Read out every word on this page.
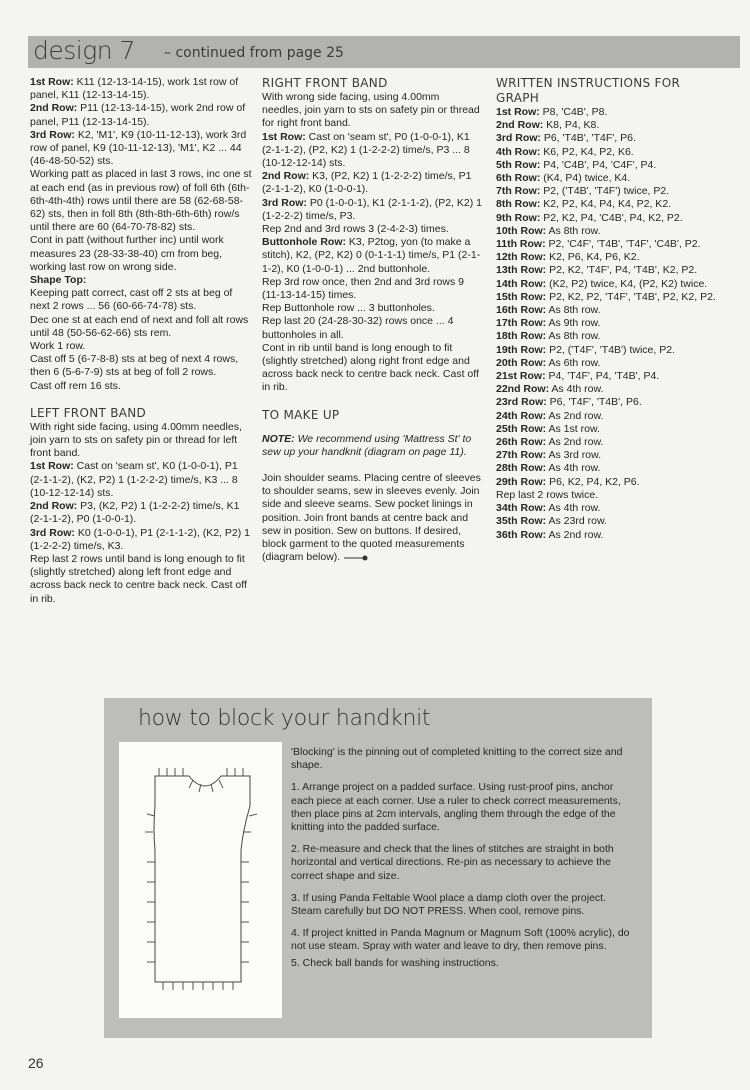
design 7 – continued from page 25

1st Row: K11 (12-13-14-15), work 1st row of panel, K11 (12-13-14-15).

2nd Row: P11 (12-13-14-15), work 2nd row of panel, P11 (12-13-14-15).

3rd Row: K2, 'M1', K9 (10-11-12-13), work 3rd row of panel, K9 (10-11-12-13), 'M1', K2 ... 44 (46-48-50-52) sts.

Working patt as placed in last 3 rows, inc one st at each end (as in previous row) of foll 6th (6th-6th-4th-4th) rows until there are 58 (62-68-58-62) sts, then in foll 8th (8th-8th-6th-6th) row/s until there are 60 (64-70-78-82) sts.

Cont in patt (without further inc) until work measures 23 (28-33-38-40) cm from beg, working last row on wrong side.

Shape Top:

Keeping patt correct, cast off 2 sts at beg of next 2 rows ... 56 (60-66-74-78) sts.

Dec one st at each end of next and foll alt rows until 48 (50-56-62-66) sts rem.

Work 1 row.

Cast off 5 (6-7-8-8) sts at beg of next 4 rows, then 6 (5-6-7-9) sts at beg of foll 2 rows.

Cast off rem 16 sts.

LEFT FRONT BAND

With right side facing, using 4.00mm needles, join yarn to sts on safety pin or thread for left front band.

1st Row: Cast on 'seam st', K0 (1-0-0-1), P1 (2-1-1-2), (K2, P2) 1 (1-2-2-2) time/s, K3 ... 8 (10-12-12-14) sts.

2nd Row: P3, (K2, P2) 1 (1-2-2-2) time/s, K1 (2-1-1-2), P0 (1-0-0-1).

3rd Row: K0 (1-0-0-1), P1 (2-1-1-2), (K2, P2) 1 (1-2-2-2) time/s, K3.

Rep last 2 rows until band is long enough to fit (slightly stretched) along left front edge and across back neck to centre back neck. Cast off in rib.

RIGHT FRONT BAND

With wrong side facing, using 4.00mm needles, join yarn to sts on safety pin or thread for right front band.

1st Row: Cast on 'seam st', P0 (1-0-0-1), K1 (2-1-1-2), (P2, K2) 1 (1-2-2-2) time/s, P3 ... 8 (10-12-12-14) sts.

2nd Row: K3, (P2, K2) 1 (1-2-2-2) time/s, P1 (2-1-1-2), K0 (1-0-0-1).

3rd Row: P0 (1-0-0-1), K1 (2-1-1-2), (P2, K2) 1 (1-2-2-2) time/s, P3.

Rep 2nd and 3rd rows 3 (2-4-2-3) times.

Buttonhole Row: K3, P2tog, yon (to make a stitch), K2, (P2, K2) 0 (0-1-1-1) time/s, P1 (2-1-1-2), K0 (1-0-0-1) ... 2nd buttonhole.

Rep 3rd row once, then 2nd and 3rd rows 9 (11-13-14-15) times.

Rep Buttonhole row ... 3 buttonholes.

Rep last 20 (24-28-30-32) rows once ... 4 buttonholes in all.

Cont in rib until band is long enough to fit (slightly stretched) along right front edge and across back neck to centre back neck. Cast off in rib.

TO MAKE UP

NOTE: We recommend using 'Mattress St' to sew up your handknit (diagram on page 11).

Join shoulder seams. Placing centre of sleeves to shoulder seams, sew in sleeves evenly. Join side and sleeve seams. Sew pocket linings in position. Join front bands at centre back and sew in position. Sew on buttons. If desired, block garment to the quoted measurements (diagram below).

WRITTEN INSTRUCTIONS FOR GRAPH

1st Row: P8, 'C4B', P8.

2nd Row: K8, P4, K8.

3rd Row: P6, 'T4B', 'T4F', P6.

4th Row: K6, P2, K4, P2, K6.

5th Row: P4, 'C4B', P4, 'C4F', P4.

6th Row: (K4, P4) twice, K4.

7th Row: P2, ('T4B', 'T4F') twice, P2.

8th Row: K2, P2, K4, P4, K4, P2, K2.

9th Row: P2, K2, P4, 'C4B', P4, K2, P2.

10th Row: As 8th row.

11th Row: P2, 'C4F', 'T4B', 'T4F', 'C4B', P2.

12th Row: K2, P6, K4, P6, K2.

13th Row: P2, K2, 'T4F', P4, 'T4B', K2, P2.

14th Row: (K2, P2) twice, K4, (P2, K2) twice.

15th Row: P2, K2, P2, 'T4F', 'T4B', P2, K2, P2.

16th Row: As 8th row.

17th Row: As 9th row.

18th Row: As 8th row.

19th Row: P2, ('T4F', 'T4B') twice, P2.

20th Row: As 6th row.

21st Row: P4, 'T4F', P4, 'T4B', P4.

22nd Row: As 4th row.

23rd Row: P6, 'T4F', 'T4B', P6.

24th Row: As 2nd row.

25th Row: As 1st row.

26th Row: As 2nd row.

27th Row: As 3rd row.

28th Row: As 4th row.

29th Row: P6, K2, P4, K2, P6.

Rep last 2 rows twice.

34th Row: As 4th row.

35th Row: As 23rd row.

36th Row: As 2nd row.

how to block your handknit

'Blocking' is the pinning out of completed knitting to the correct size and shape.

1. Arrange project on a padded surface. Using rust-proof pins, anchor each piece at each corner. Use a ruler to check correct measurements, then place pins at 2cm intervals, angling them through the edge of the knitting into the padded surface.

2. Re-measure and check that the lines of stitches are straight in both horizontal and vertical directions. Re-pin as necessary to achieve the correct shape and size.

3. If using Panda Feltable Wool place a damp cloth over the project. Steam carefully but DO NOT PRESS. When cool, remove pins.

4. If project knitted in Panda Magnum or Magnum Soft (100% acrylic), do not use steam. Spray with water and leave to dry, then remove pins.

5. Check ball bands for washing instructions.

26
